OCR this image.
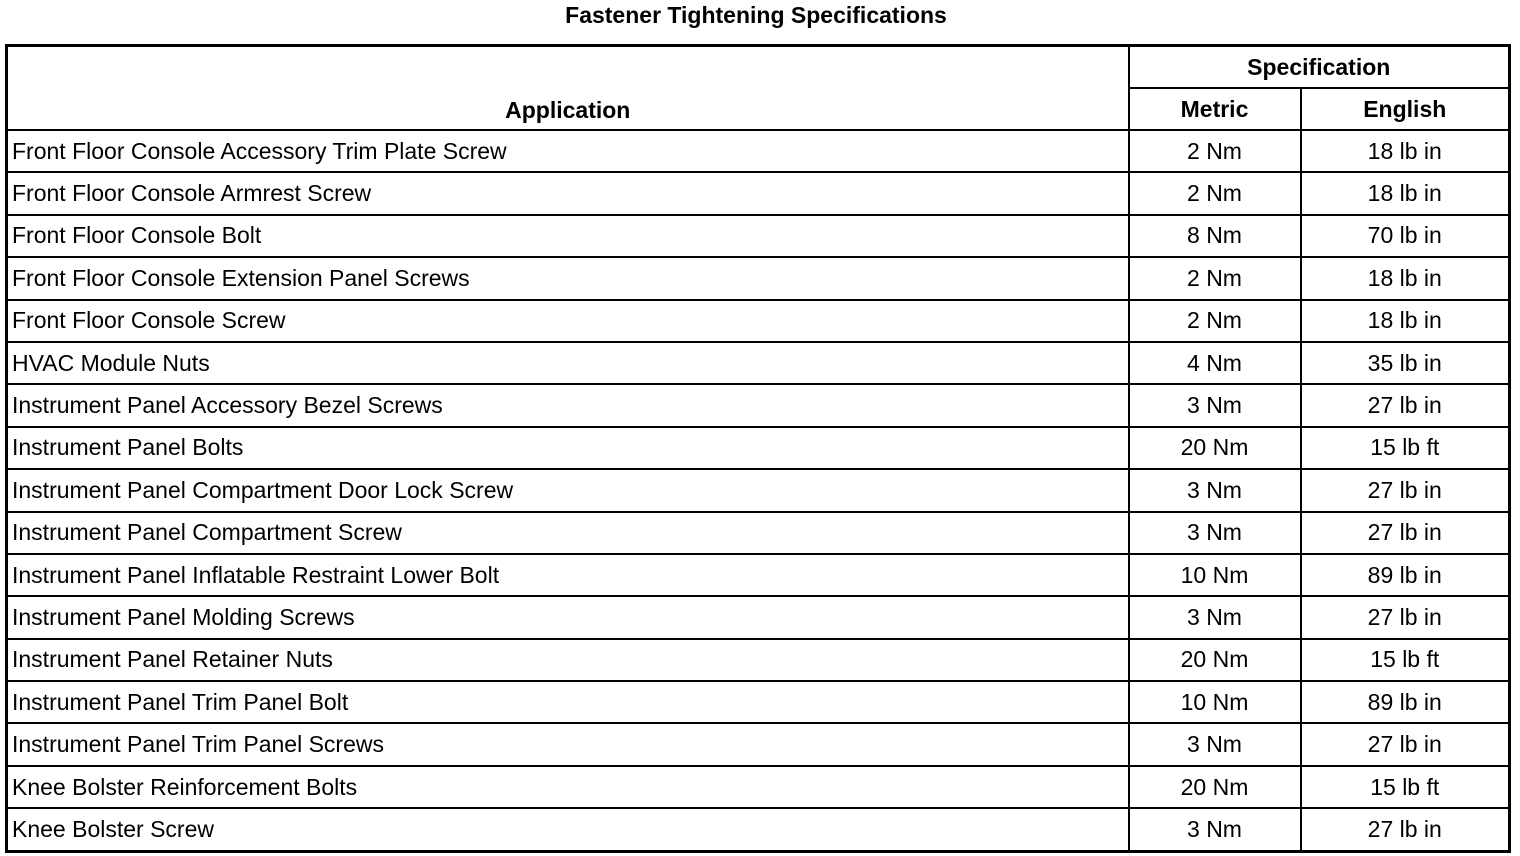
Fastener Tightening Specifications
Application	Specification	
	Metric	English
Front Floor Console Accessory Trim Plate Screw	2 Nm	18 lb in
Front Floor Console Armrest Screw	2 Nm	18 lb in
Front Floor Console Bolt	8 Nm	70 lb in
Front Floor Console Extension Panel Screws	2 Nm	18 lb in
Front Floor Console Screw	2 Nm	18 lb in
HVAC Module Nuts	4 Nm	35 lb in
Instrument Panel Accessory Bezel Screws	3 Nm	27 lb in
Instrument Panel Bolts	20 Nm	15 lb ft
Instrument Panel Compartment Door Lock Screw	3 Nm	27 lb in
Instrument Panel Compartment Screw	3 Nm	27 lb in
Instrument Panel Inflatable Restraint Lower Bolt	10 Nm	89 lb in
Instrument Panel Molding Screws	3 Nm	27 lb in
Instrument Panel Retainer Nuts	20 Nm	15 lb ft
Instrument Panel Trim Panel Bolt	10 Nm	89 lb in
Instrument Panel Trim Panel Screws	3 Nm	27 lb in
Knee Bolster Reinforcement Bolts	20 Nm	15 lb ft
Knee Bolster Screw	3 Nm	27 lb in
